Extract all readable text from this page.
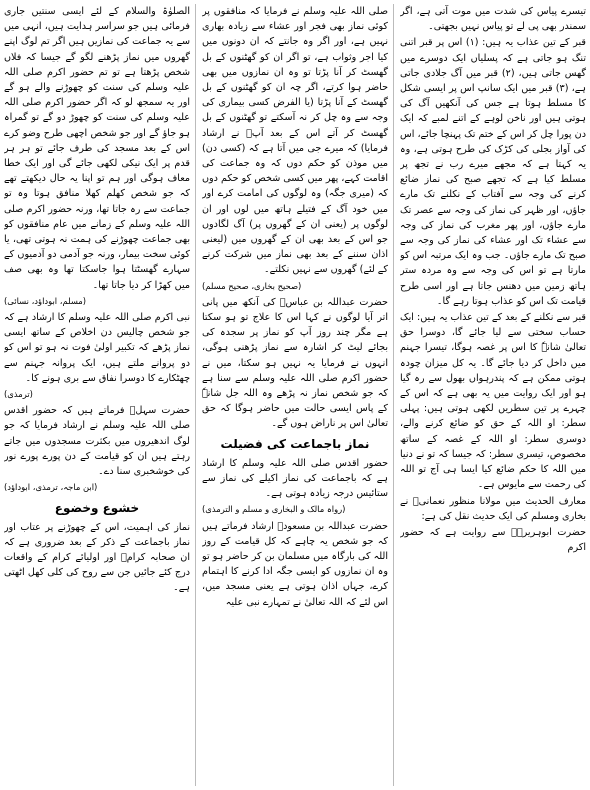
تیسرے پیاس کی شدت میں موت آتی ہے، اگر سمندر بھی پی لے تو پیاس نہیں بجھتی۔

قبر کے تین عذاب یہ ہیں: (۱) اس پر قبر اتنی تنگ ہو جاتی ہے کہ پسلیاں ایک دوسرے میں گھس جاتی ہیں، (۲) قبر میں آگ جلادی جاتی ہے، (۳) قبر میں ایک سانپ اس پر ایسی شکل کا مسلط ہوتا ہے جس کی آنکھیں آگ کی ہوتی ہیں اور ناخن لوہے کے اتنے لمبے کہ ایک دن پورا چل کر اس کے ختم تک پہنچا جائے، اس کی آواز بجلی کی کڑک کی طرح ہوتی ہے، وہ یہ کہتا ہے کہ مجھے میرے رب نے تجھ پر مسلط کیا ہے کہ تجھے صبح کی نماز ضائع کرنے کی وجہ سے آفتاب کے نکلنے تک مارے جاؤں، اور ظہر کی نماز کی وجہ سے عصر تک مارے جاؤں، اور پھر مغرب کی نماز کی وجہ سے عشاء تک اور عشاء کی نماز کی وجہ سے صبح تک مارے جاؤں۔ جب وہ ایک مرتبہ اس کو مارتا ہے تو اس کی وجہ سے وہ مردہ ستر ہاتھ زمین میں دھنس جاتا ہے اور اسی طرح قیامت تک اس کو عذاب ہوتا رہے گا۔

قبر سے نکلنے کے بعد کے تین عذاب یہ ہیں: ایک حساب سختی سے لیا جائے گا، دوسرا حق تعالیٰ شانہٗ کا اس پر غصہ ہوگا، تیسرا جہنم میں داخل کر دیا جائے گا۔ یہ کل میزان چودہ ہوتی ممکن ہے کہ پندرہواں بھول سے رہ گیا ہو اور ایک روایت میں یہ بھی ہے کہ اس کے چہرے پر تین سطریں لکھی ہوتی ہیں: پہلی سطر: او اللہ کے حق کو ضائع کرنے والے، دوسری سطر: او اللہ کے غصہ کے ساتھ مخصوص، تیسری سطر: کہ جیسا کہ تو نے دنیا میں اللہ کا حکم ضائع کیا ایسا ہی آج تو اللہ کی رحمت سے مایوس ہے۔

معارف الحدیث میں مولانا منظور نعمانیؒ نے بخاری ومسلم کی ایک حدیث نقل کی ہے:

حضرت ابوہریرہؓ سے روایت ہے کہ حضور اکرم

صلی اللہ علیہ وسلم نے فرمایا کہ منافقوں پر کوئی نماز بھی فجر اور عشاء سے زیادہ بھاری نہیں ہے، اور اگر وہ جانتے کہ ان دونوں میں کیا اجر وثواب ہے، تو اگر ان کو گھٹنوں کے بل گھسٹ کر آنا پڑتا تو وہ ان نمازوں میں بھی حاضر ہوا کرتے، اگر چہ ان کو گھٹنوں کے بل گھسٹ کے آنا پڑتا (یا الفرض کسی بیماری کی وجہ سے وہ چل کر نہ آسکتے تو گھٹنوں کے بل گھسٹ کر آتے اس کے بعد آپؐ نے ارشاد فرمایا) کہ میرے جی میں آتا ہے کہ (کسی دن) میں موذن کو حکم دوں کہ وہ جماعت کی اقامت کہے، پھر میں کسی شخص کو حکم دوں کہ (میری جگہ) وہ لوگوں کی امامت کرے اور میں خود آگ کے فتیلے ہاتھ میں لوں اور ان لوگوں پر (یعنی ان کے گھروں پر) آگ لگادوں جو اس کے بعد بھی ان کے گھروں میں (لیعنی اذان سننے کے بعد بھی نماز میں شرکت کرنے کے لئے) گھروں سے نہیں نکلتے۔

(صحیح بخاری، صحیح مسلم)

حضرت عبداللہ بن عباسؓ کی آنکھ میں پانی اتر آیا لوگوں نے کہا اس کا علاج تو ہو سکتا ہے مگر چند روز آپ کو نماز پر سجدہ کی بجائے لیٹ کر اشارہ سے نماز پڑھنی ہوگی، انہوں نے فرمایا یہ نہیں ہو سکتا، میں نے حضور اکرم صلی اللہ علیہ وسلم سے سنا ہے کہ جو شخص نماز نہ پڑھے وہ اللہ جل شانہٗ کے پاس ایسی حالت میں حاضر ہوگا کہ حق تعالیٰ اس پر ناراض ہوں گے۔

نماز باجماعت کی فضیلت

حضور اقدس صلی اللہ علیہ وسلم کا ارشاد ہے کہ باجماعت کی نماز اکیلے کی نماز سے ستائیس درجہ زیادہ ہوتی ہے۔

(رواہ مالک و البخاری و مسلم و الترمذی)

حضرت عبداللہ بن مسعودؓ ارشاد فرماتے ہیں کہ جو شخص یہ چاہے کہ کل قیامت کے روز اللہ کی بارگاہ میں مسلمان بن کر حاضر ہو تو وہ ان نمازوں کو ایسی جگہ ادا کرنے کا اہتمام کرے، جہاں اذان ہوتی ہے یعنی مسجد میں، اس لئے کہ اللہ تعالیٰ نے تمہارے نبی علیہ

الصلوٰۃ والسلام کے لئے ایسی سنتیں جاری فرمائی ہیں جو سراسر ہدایت ہیں، انہی میں سے یہ جماعت کی نمازیں ہیں اگر تم لوگ اپنے گھروں میں نماز پڑھنے لگو گے جیسا کہ فلاں شخص پڑھتا ہے تو تم حضور اکرم صلی اللہ علیہ وسلم کی سنت کو چھوڑنے والے ہو گے اور یہ سمجھ لو کہ اگر حضور اکرم صلی اللہ علیہ وسلم کی سنت کو چھوڑ دو گے تو گمراہ ہو جاؤ گے اور جو شخص اچھی طرح وضو کرے اس کے بعد مسجد کی طرف جائے تو ہر ہر قدم پر ایک نیکی لکھی جائے گی اور ایک خطا معاف ہوگی اور ہم تو اپنا یہ حال دیکھتے تھے کہ جو شخص کھلم کھلا منافق ہوتا وہ تو جماعت سے رہ جاتا تھا، ورنہ حضور اکرم صلی اللہ علیہ وسلم کے زمانے میں عام منافقوں کو بھی جماعت چھوڑنے کی ہمت نہ ہوتی تھی، یا کوئی سخت بیمار، ورنہ جو آدمی دو آدمیوں کے سہارے گھسٹتا ہوا جاسکتا تھا وہ بھی صف میں کھڑا کر دیا جاتا تھا۔

(مسلم، ابوداؤد، نسائی)

نبی اکرم صلی اللہ علیہ وسلم کا ارشاد ہے کہ جو شخص چالیس دن اخلاص کے ساتھ ایسی نماز پڑھے کہ تکبیر اولیٰ فوت نہ ہو تو اس کو دو پروانے ملتے ہیں، ایک پروانہ جہنم سے چھٹکارے کا دوسرا نفاق سے بری ہونے کا۔

(ترمذی)

حضرت سہلؓ فرماتے ہیں کہ حضور اقدس صلی اللہ علیہ وسلم نے ارشاد فرمایا کہ جو لوگ اندھیروں میں بکثرت مسجدوں میں جاتے رہتے ہیں ان کو قیامت کے دن پورے پورے نور کی خوشخبری سنا دے۔

(ابن ماجہ، ترمذی، ابوداؤد)

خشوع وخضوع

نماز کی اہمیت، اس کے چھوڑنے پر عتاب اور نماز باجماعت کے ذکر کے بعد ضروری ہے کہ ان صحابہ کرامؓ اور اولیائے کرام کے واقعات درج کئے جائیں جن سے روح کی کلی کھل اٹھتی ہے۔
